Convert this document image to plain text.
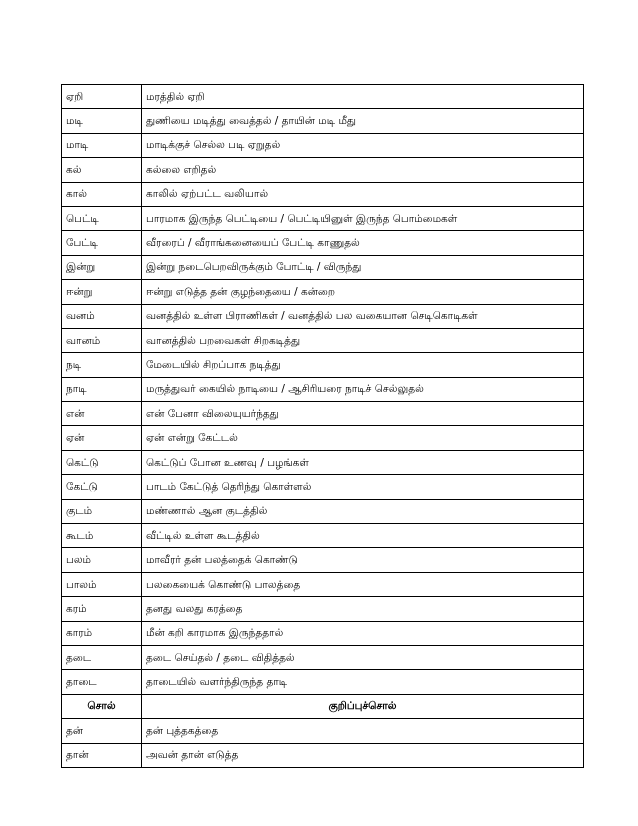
ஏறி	மரத்தில் ஏறி
மடி	துணியை மடித்து வைத்தல் / தாயின் மடி மீது
மாடி	மாடிக்குச் செல்ல படி ஏறுதல்
கல்	கல்லை எறிதல்
கால்	காலில் ஏற்பட்ட வலியால்
பெட்டி	பாரமாக இருந்த பெட்டியை / பெட்டியினுள் இருந்த பொம்மைகள்
பேட்டி	வீரரைப் / வீராங்கனையைப் பேட்டி காணுதல்
இன்று	இன்று நடைபெறவிருக்கும் போட்டி / விருந்து
ஈன்று	ஈன்று எடுத்த தன் குழந்தையை / கன்றை
வனம்	வனத்தில் உள்ள பிராணிகள் / வனத்தில் பல வகையான செடிகொடிகள்
வானம்	வானத்தில் பறவைகள் சிறகடித்து
நடி	மேடையில் சிறப்பாக நடித்து
நாடி	மருத்துவர் கையில் நாடியை / ஆசிரியரை நாடிச் செல்லுதல்
என்	என் பேனா விலையுயர்ந்தது
ஏன்	ஏன் என்று கேட்டல்
கெட்டு	கெட்டுப் போன உணவு / பழங்கள்
கேட்டு	பாடம் கேட்டுத் தெரிந்து கொள்ளல்
குடம்	மண்ணால் ஆன குடத்தில்
கூடம்	வீட்டில் உள்ள கூடத்தில்
பலம்	மாவீரர் தன் பலத்தைக் கொண்டு
பாலம்	பலகையைக் கொண்டு பாலத்தை
கரம்	தனது வலது கரத்தை
காரம்	மீன் கறி காரமாக இருந்ததால்
தடை	தடை செய்தல் / தடை விதித்தல்
தாடை	தாடையில் வளர்ந்திருந்த தாடி
சொல்	குறிப்புச்சொல்
தன்	தன் புத்தகத்தை
தான்	அவன் தான் எடுத்த
